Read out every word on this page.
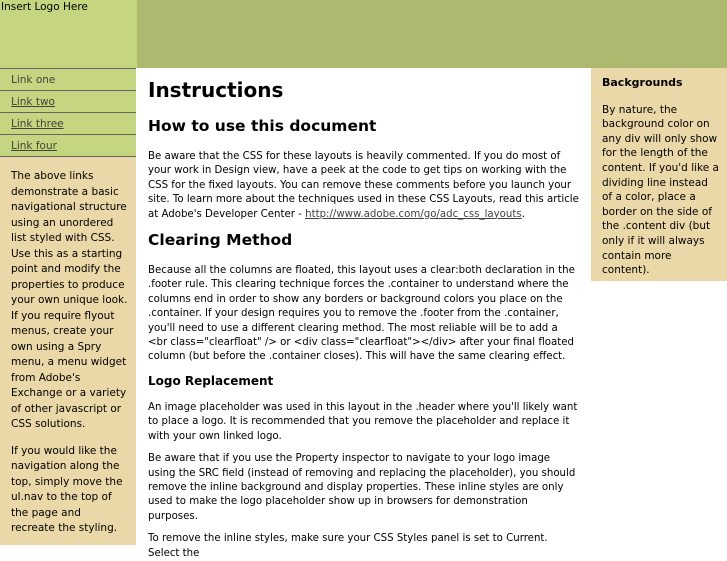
Insert Logo Here
Link one
Link two
Link three
Link four

The above links demonstrate a basic navigational structure using an unordered list styled with CSS. Use this as a starting point and modify the properties to produce your own unique look. If you require flyout menus, create your own using a Spry menu, a menu widget from Adobe's Exchange or a variety of other javascript or CSS solutions.

If you would like the navigation along the top, simply move the ul.nav to the top of the page and recreate the styling.

Instructions
How to use this document

Be aware that the CSS for these layouts is heavily commented. If you do most of your work in Design view, have a peek at the code to get tips on working with the CSS for the fixed layouts. You can remove these comments before you launch your site. To learn more about the techniques used in these CSS Layouts, read this article at Adobe's Developer Center - http://www.adobe.com/go/adc_css_layouts.

Clearing Method

Because all the columns are floated, this layout uses a clear:both declaration in the .footer rule. This clearing technique forces the .container to understand where the columns end in order to show any borders or background colors you place on the .container. If your design requires you to remove the .footer from the .container, you'll need to use a different clearing method. The most reliable will be to add a <br class="clearfloat" /> or <div class="clearfloat"></div> after your final floated column (but before the .container closes). This will have the same clearing effect.

Logo Replacement

An image placeholder was used in this layout in the .header where you'll likely want to place a logo. It is recommended that you remove the placeholder and replace it with your own linked logo.

Be aware that if you use the Property inspector to navigate to your logo image using the SRC field (instead of removing and replacing the placeholder), you should remove the inline background and display properties. These inline styles are only used to make the logo placeholder show up in browsers for demonstration purposes.

To remove the inline styles, make sure your CSS Styles panel is set to Current. Select the

Backgrounds

By nature, the background color on any div will only show for the length of the content. If you'd like a dividing line instead of a color, place a border on the side of the .content div (but only if it will always contain more content).
